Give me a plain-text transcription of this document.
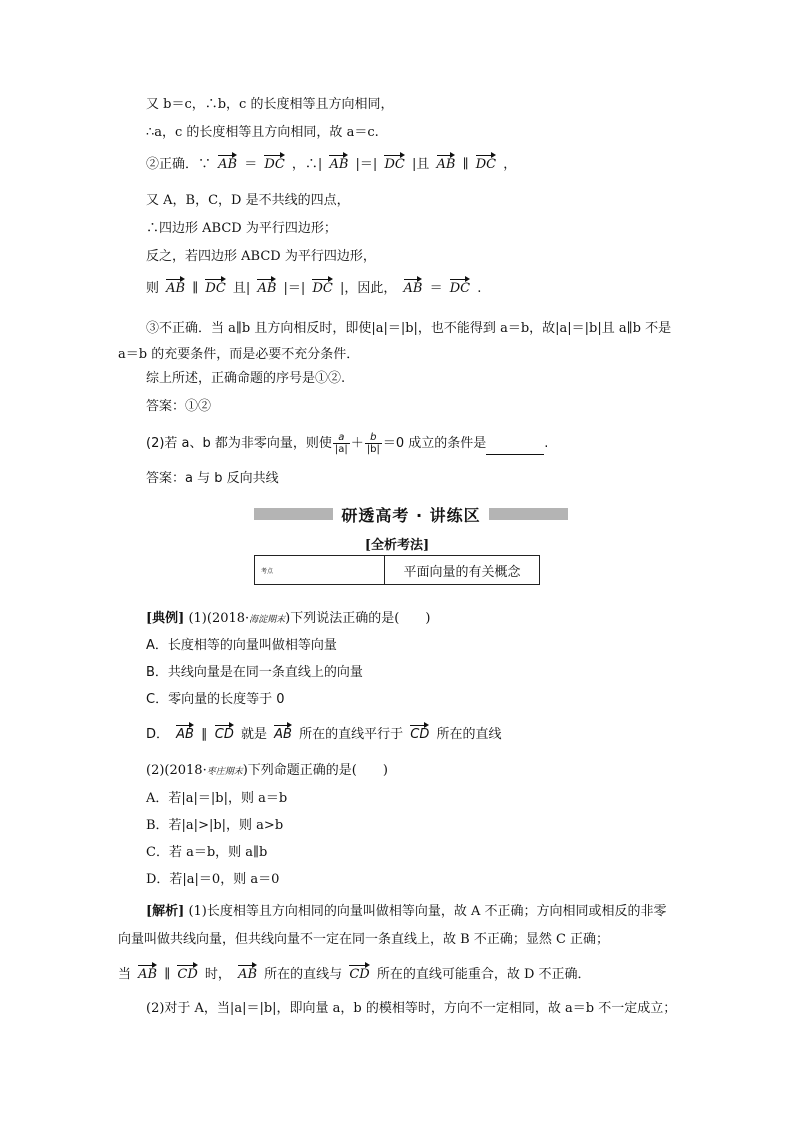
又 b＝c，∴b，c 的长度相等且方向相同，
∴a，c 的长度相等且方向相同，故 a＝c.
②正确．∵ AB ＝ DC ，∴| AB |＝| DC |且 AB ∥ DC ，
又 A，B，C，D 是不共线的四点，
∴四边形 ABCD 为平行四边形；
反之，若四边形 ABCD 为平行四边形，
则 AB ∥ DC 且| AB |＝| DC |，因此， AB ＝ DC .
③不正确．当 a∥b 且方向相反时，即使|a|＝|b|，也不能得到 a＝b，故|a|＝|b|且 a∥b 不是 a＝b 的充要条件，而是必要不充分条件．
综上所述，正确命题的序号是①②.
答案：①②
(2)若 a、b 都为非零向量，则使 $\frac{a}{|a|} + \frac{b}{|b|} =0$ 成立的条件是	.
答案：a 与 b 反向共线
研透高考 · 讲练区
[全析考法]
考点	平面向量的有关概念
[典例] (1)(2018·海淀期末)下列说法正确的是(　　)
A．长度相等的向量叫做相等向量
B．共线向量是在同一条直线上的向量
C．零向量的长度等于 0
D． AB ∥ CD 就是 AB 所在的直线平行于 CD 所在的直线
(2)(2018·枣庄期末)下列命题正确的是(　　)
A．若|a|＝|b|，则 a＝b
B．若|a|>|b|，则 a>b
C．若 a＝b，则 a∥b
D．若|a|＝0，则 a＝0
[解析] (1)长度相等且方向相同的向量叫做相等向量，故 A 不正确；方向相同或相反的非零向量叫做共线向量，但共线向量不一定在同一条直线上，故 B 不正确；显然 C 正确；
当 AB ∥ CD 时， AB 所在的直线与 CD 所在的直线可能重合，故 D 不正确．
(2)对于 A，当|a|＝|b|，即向量 a，b 的模相等时，方向不一定相同，故 a＝b 不一定成立；
